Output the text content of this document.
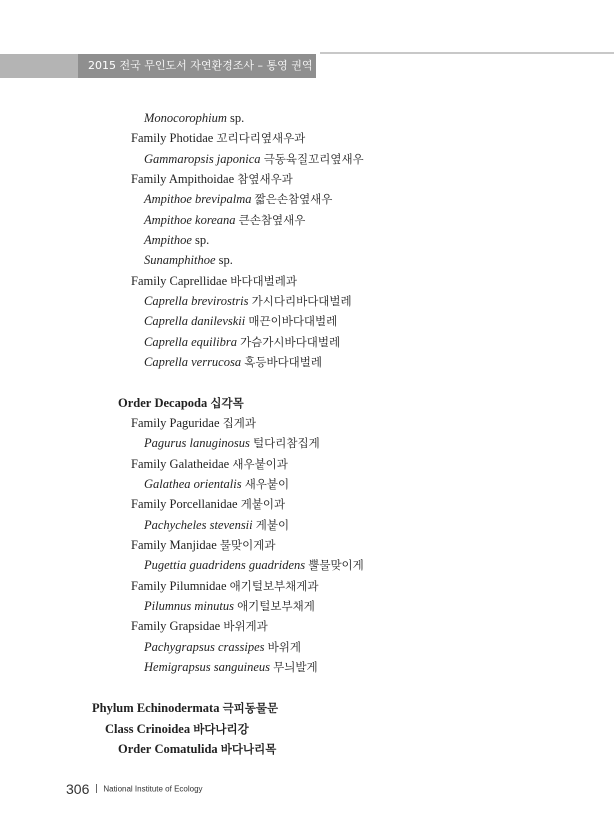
2015 전국 무인도서 자연환경조사 – 통영 권역
Monocorophium sp.
Family Photidae 꼬리다리옆새우과
Gammaropsis japonica 극동육질꼬리옆새우
Family Ampithoidae 참옆새우과
Ampithoe brevipalma 짧은손참옆새우
Ampithoe koreana 큰손참옆새우
Ampithoe sp.
Sunamphithoe sp.
Family Caprellidae 바다대벌레과
Caprella brevirostris 가시다리바다대벌레
Caprella danilevskii 매끈이바다대벌레
Caprella equilibra 가슴가시바다대벌레
Caprella verrucosa 혹등바다대벌레
Order Decapoda 십각목
Family Paguridae 집게과
Pagurus lanuginosus 털다리참집게
Family Galatheidae 새우붙이과
Galathea orientalis 새우붙이
Family Porcellanidae 게붙이과
Pachycheles stevensii 게붙이
Family Manjidae 물맞이게과
Pugettia guadridens guadridens 뿔물맞이게
Family Pilumnidae 애기털보부채게과
Pilumnus minutus 애기털보부채게
Family Grapsidae 바위게과
Pachygrapsus crassipes 바위게
Hemigrapsus sanguineus 무늬발게
Phylum Echinodermata 극피동물문
Class Crinoidea 바다나리강
Order Comatulida 바다나리목
306 National Institute of Ecology
